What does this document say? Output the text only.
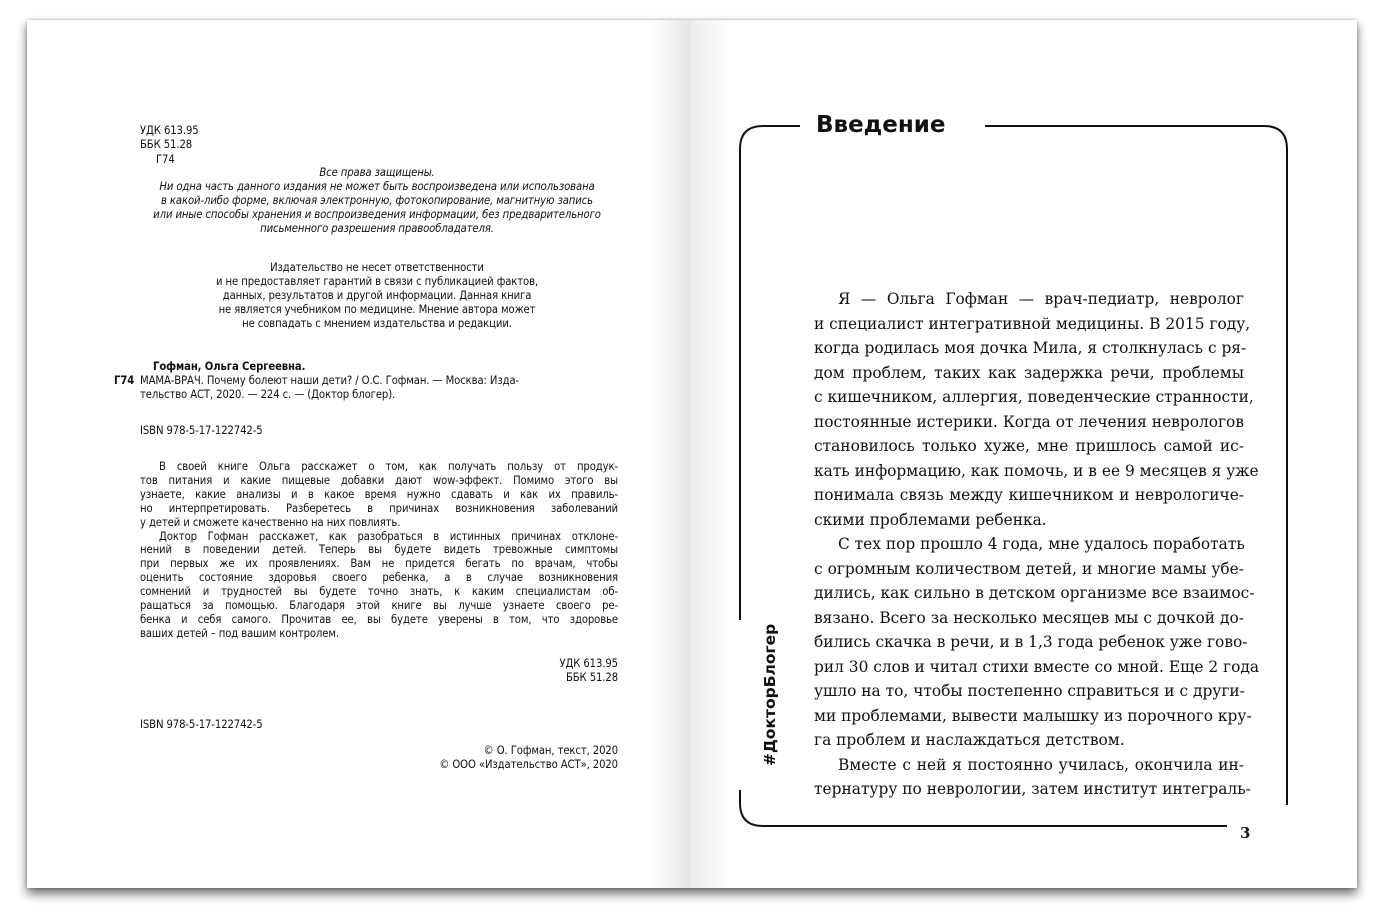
УДК 613.95
ББК 51.28
Г74
Все права защищены.
Ни одна часть данного издания не может быть воспроизведена или использована
в какой-либо форме, включая электронную, фотокопирование, магнитную запись
или иные способы хранения и воспроизведения информации, без предварительного
письменного разрешения правообладателя.
Издательство не несет ответственности
и не предоставляет гарантий в связи с публикацией фактов,
данных, результатов и другой информации. Данная книга
не является учебником по медицине. Мнение автора может
не совпадать с мнением издательства и редакции.
Гофман, Ольга Сергеевна.
Г74 МАМА-ВРАЧ. Почему болеют наши дети? / О.С. Гофман. — Москва: Изда-
тельство АСТ, 2020. — 224 с. — (Доктор блогер).
ISBN 978-5-17-122742-5
В своей книге Ольга расскажет о том, как получать пользу от продук-
тов питания и какие пищевые добавки дают wow-эффект. Помимо этого вы
узнаете, какие анализы и в какое время нужно сдавать и как их правиль-
но интерпретировать. Разберетесь в причинах возникновения заболеваний
у детей и сможете качественно на них повлиять.
Доктор Гофман расскажет, как разобраться в истинных причинах отклоне-
нений в поведении детей. Теперь вы будете видеть тревожные симптомы
при первых же их проявлениях. Вам не придется бегать по врачам, чтобы
оценить состояние здоровья своего ребенка, а в случае возникновения
сомнений и трудностей вы будете точно знать, к каким специалистам об-
ращаться за помощью. Благодаря этой книге вы лучше узнаете своего ре-
бенка и себя самого. Прочитав ее, вы будете уверены в том, что здоровье
ваших детей – под вашим контролем.
УДК 613.95
ББК 51.28
ISBN 978-5-17-122742-5
© О. Гофман, текст, 2020
© ООО «Издательство АСТ», 2020
Введение
#ДокторБлогер
Я — Ольга Гофман — врач-педиатр, невролог
и специалист интегративной медицины. В 2015 году,
когда родилась моя дочка Мила, я столкнулась с ря-
дом проблем, таких как задержка речи, проблемы
с кишечником, аллергия, поведенческие странности,
постоянные истерики. Когда от лечения неврологов
становилось только хуже, мне пришлось самой ис-
кать информацию, как помочь, и в ее 9 месяцев я уже
понимала связь между кишечником и неврологиче-
скими проблемами ребенка.
С тех пор прошло 4 года, мне удалось поработать
с огромным количеством детей, и многие мамы убе-
дились, как сильно в детском организме все взаимос-
вязано. Всего за несколько месяцев мы с дочкой до-
бились скачка в речи, и в 1,3 года ребенок уже гово-
рил 30 слов и читал стихи вместе со мной. Еще 2 года
ушло на то, чтобы постепенно справиться и с други-
ми проблемами, вывести малышку из порочного кру-
га проблем и наслаждаться детством.
Вместе с ней я постоянно училась, окончила ин-
тернатуру по неврологии, затем институт интеграль-
3
